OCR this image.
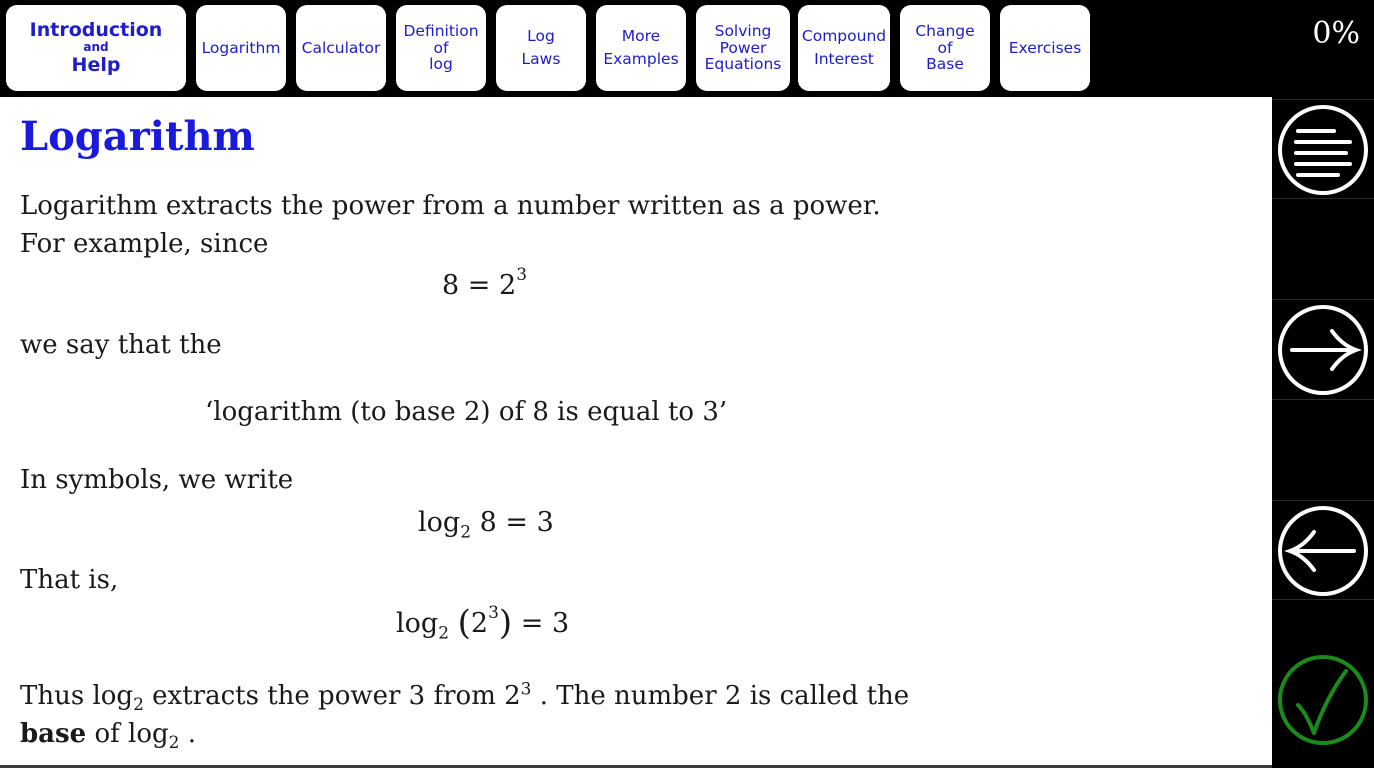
Introduction
and
Help
Logarithm Calculator
Definition
of
log
Log
Laws
More
Examples
Solving
Power
Equations
Compound
Interest
Change
of
Base
Exercises	0%
Logarithm
Logarithm extracts the power from a number written as a power.
For example, since
$8 = 2^3$
we say that the
‘logarithm (to base 2) of 8 is equal to 3’
In symbols, we write
$\log_2 8 = 3$
That is,
$\log_2 (2^3) = 3$
Thus $\log_2$ extracts the power 3 from $2^3$ . The number 2 is called the
base of $\log_2$ .
